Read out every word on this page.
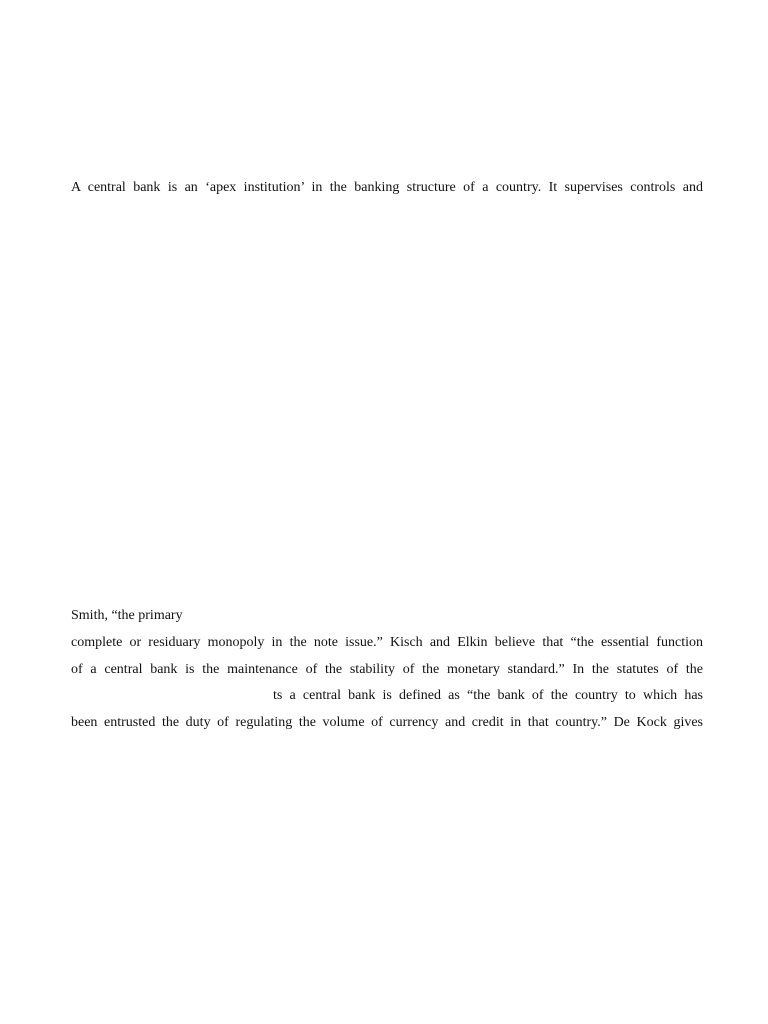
A central bank is an ‘apex institution’ in the banking structure of a country. It supervises controls and
Smith, “the primary
complete or residuary monopoly in the note issue.” Kisch and Elkin believe that “the essential function
of a central bank is the maintenance of the stability of the monetary standard.” In the statutes of the
ts a central bank is defined as “the bank of the country to which has
been entrusted the duty of regulating the volume of currency and credit in that country.” De Kock gives
